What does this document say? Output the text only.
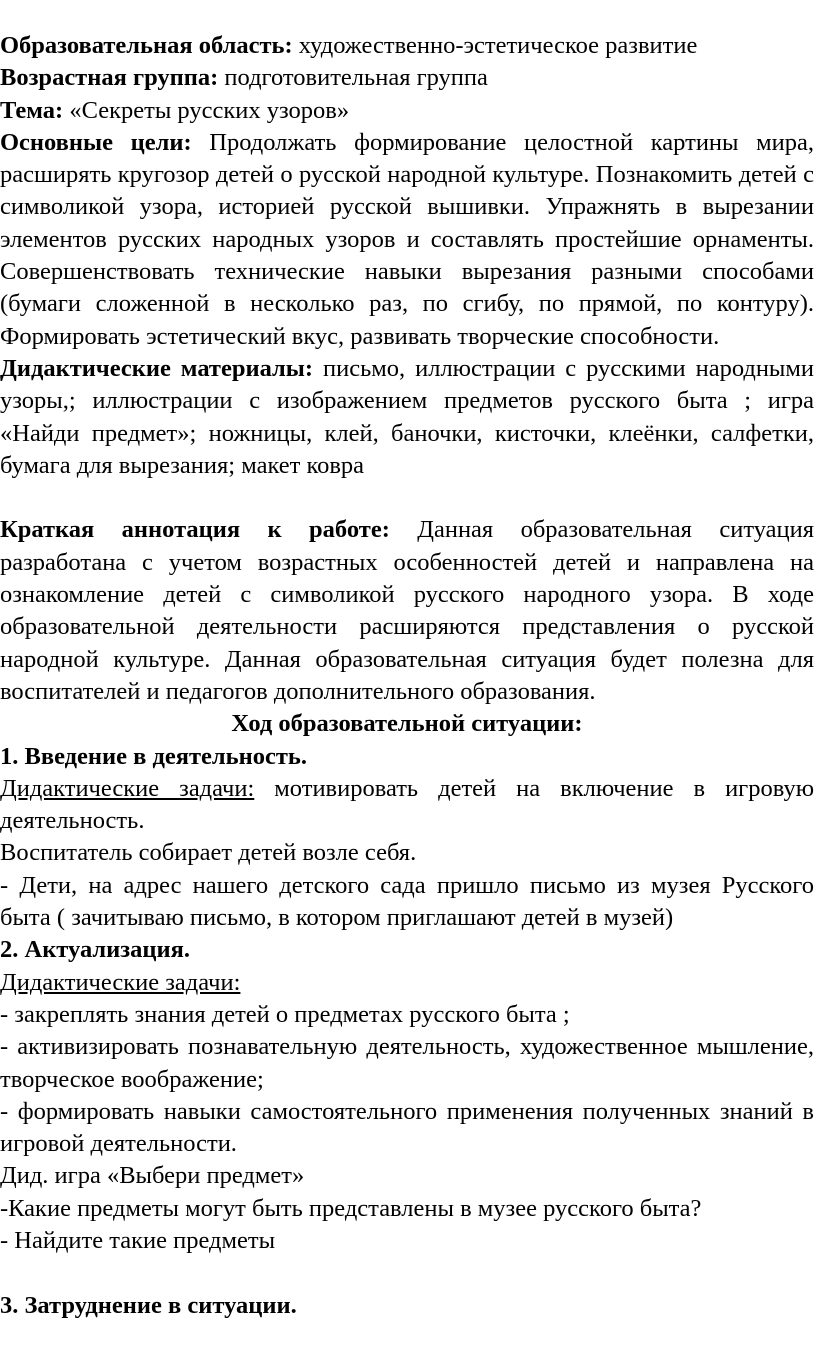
Образовательная область: художественно-эстетическое развитие

Возрастная группа: подготовительная группа

Тема: «Секреты русских узоров»

Основные цели: Продолжать формирование целостной картины мира, расширять кругозор детей о русской народной культуре. Познакомить детей с символикой узора, историей русской вышивки. Упражнять в вырезании элементов русских народных узоров и составлять простейшие орнаменты. Совершенствовать технические навыки вырезания разными способами (бумаги сложенной в несколько раз, по сгибу, по прямой, по контуру). Формировать эстетический вкус, развивать творческие способности.

Дидактические материалы: письмо, иллюстрации с русскими народными узоры,; иллюстрации с изображением предметов русского быта ; игра «Найди предмет»; ножницы, клей, баночки, кисточки, клеёнки, салфетки, бумага для вырезания; макет ковра

Краткая аннотация к работе: Данная образовательная ситуация разработана с учетом возрастных особенностей детей и направлена на ознакомление детей с символикой русского народного узора. В ходе образовательной деятельности расширяются представления о русской народной культуре. Данная образовательная ситуация будет полезна для воспитателей и педагогов дополнительного образования.

Ход образовательной ситуации:

1. Введение в деятельность.

Дидактические задачи: мотивировать детей на включение в игровую деятельность.

Воспитатель собирает детей возле себя.

- Дети, на адрес нашего детского сада пришло письмо из музея Русского быта ( зачитываю письмо, в котором приглашают детей в музей)

2. Актуализация.

Дидактические задачи:

- закреплять знания детей о предметах русского быта ;

- активизировать познавательную деятельность, художественное мышление, творческое воображение;

- формировать навыки самостоятельного применения полученных знаний в игровой деятельности.

Дид. игра «Выбери предмет»

-Какие предметы могут быть представлены в музее русского быта?

- Найдите такие предметы

3. Затруднение в ситуации.
